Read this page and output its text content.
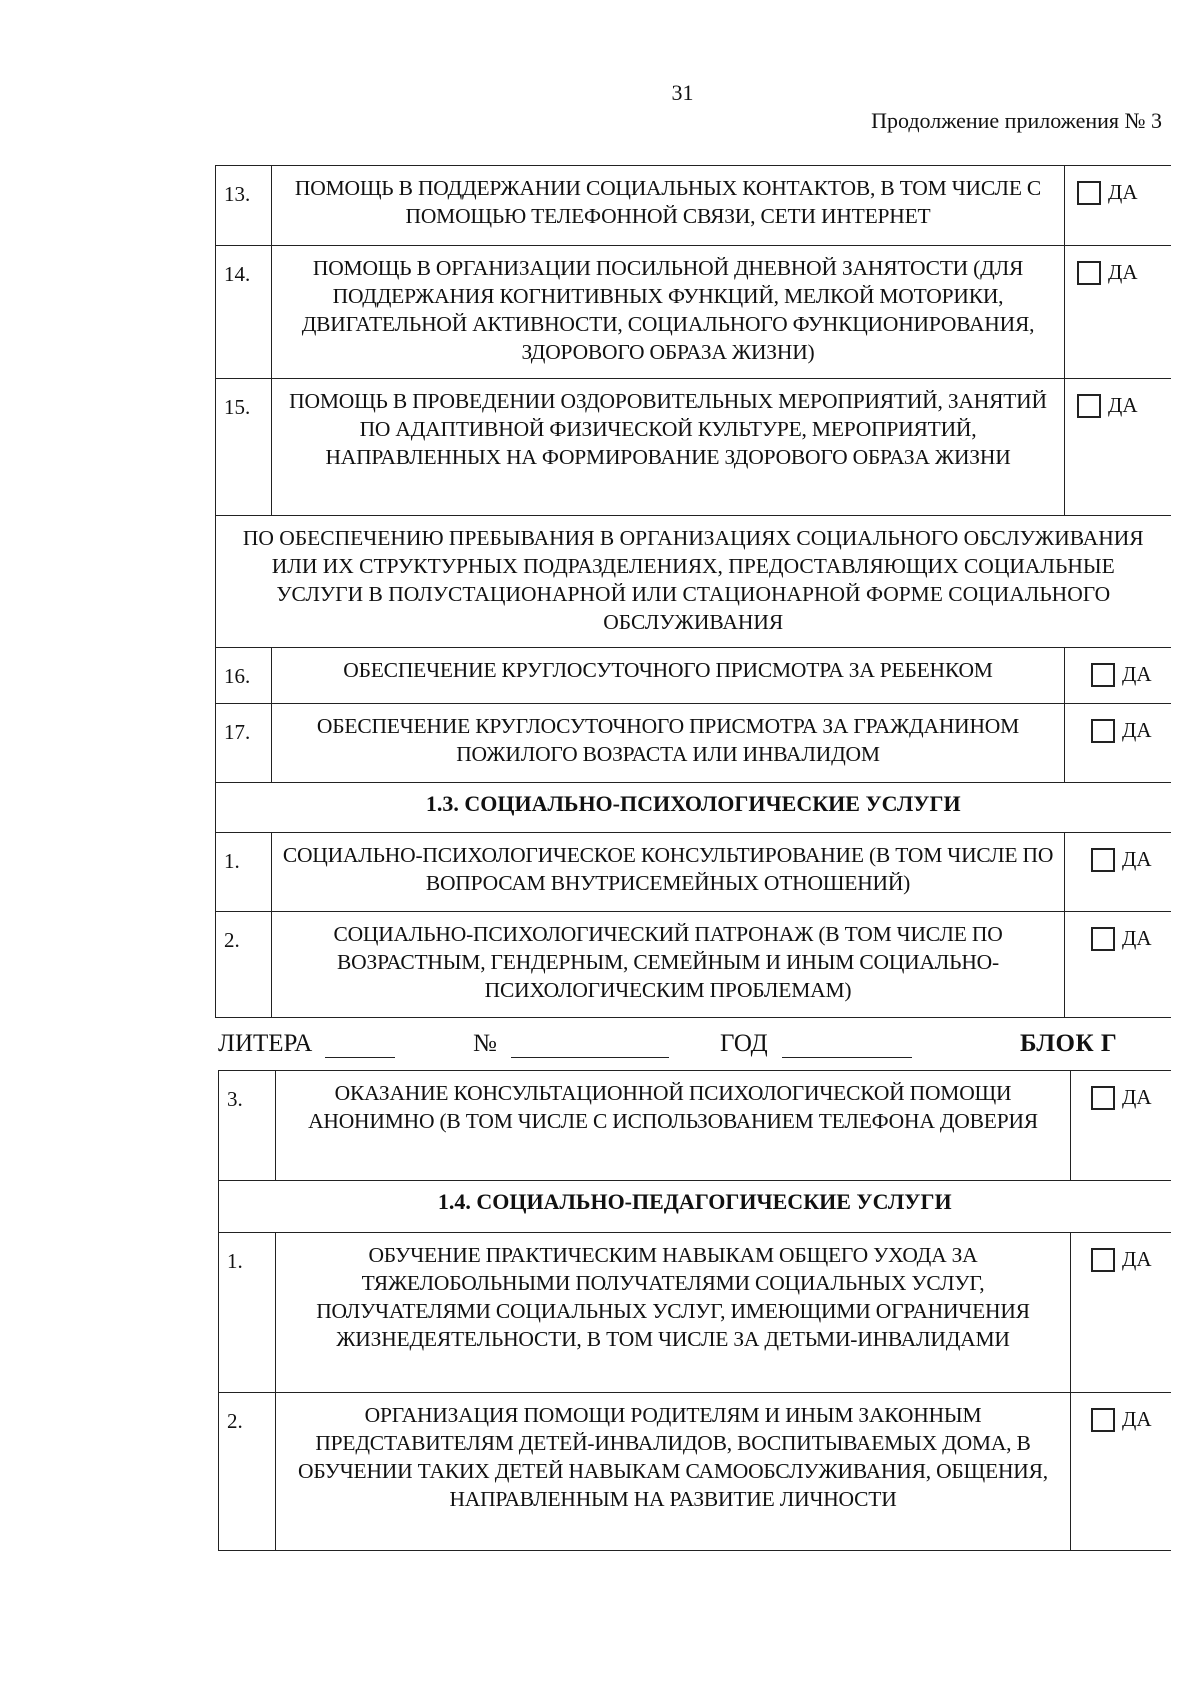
31
Продолжение приложения № 3
13.	ПОМОЩЬ В ПОДДЕРЖАНИИ СОЦИАЛЬНЫХ КОНТАКТОВ, В ТОМ ЧИСЛЕ С ПОМОЩЬЮ ТЕЛЕФОННОЙ СВЯЗИ, СЕТИ ИНТЕРНЕТ	ДА

14.	ПОМОЩЬ В ОРГАНИЗАЦИИ ПОСИЛЬНОЙ ДНЕВНОЙ ЗАНЯТОСТИ (ДЛЯ ПОДДЕРЖАНИЯ КОГНИТИВНЫХ ФУНКЦИЙ, МЕЛКОЙ МОТОРИКИ, ДВИГАТЕЛЬНОЙ АКТИВНОСТИ, СОЦИАЛЬНОГО ФУНКЦИОНИРОВАНИЯ, ЗДОРОВОГО ОБРАЗА ЖИЗНИ)	ДА

15.	ПОМОЩЬ В ПРОВЕДЕНИИ ОЗДОРОВИТЕЛЬНЫХ МЕРОПРИЯТИЙ, ЗАНЯТИЙ ПО АДАПТИВНОЙ ФИЗИЧЕСКОЙ КУЛЬТУРЕ, МЕРОПРИЯТИЙ, НАПРАВЛЕННЫХ НА ФОРМИРОВАНИЕ ЗДОРОВОГО ОБРАЗА ЖИЗНИ	ДА

ПО ОБЕСПЕЧЕНИЮ ПРЕБЫВАНИЯ В ОРГАНИЗАЦИЯХ СОЦИАЛЬНОГО ОБСЛУЖИВАНИЯ ИЛИ ИХ СТРУКТУРНЫХ ПОДРАЗДЕЛЕНИЯХ, ПРЕДОСТАВЛЯЮЩИХ СОЦИАЛЬНЫЕ УСЛУГИ В ПОЛУСТАЦИОНАРНОЙ ИЛИ СТАЦИОНАРНОЙ ФОРМЕ СОЦИАЛЬНОГО ОБСЛУЖИВАНИЯ		
16.	ОБЕСПЕЧЕНИЕ КРУГЛОСУТОЧНОГО ПРИСМОТРА ЗА РЕБЕНКОМ	ДА

17.	ОБЕСПЕЧЕНИЕ КРУГЛОСУТОЧНОГО ПРИСМОТРА ЗА ГРАЖДАНИНОМ ПОЖИЛОГО ВОЗРАСТА ИЛИ ИНВАЛИДОМ	ДА

1.3. СОЦИАЛЬНО-ПСИХОЛОГИЧЕСКИЕ УСЛУГИ		
1.	СОЦИАЛЬНО-ПСИХОЛОГИЧЕСКОЕ КОНСУЛЬТИРОВАНИЕ (В ТОМ ЧИСЛЕ ПО ВОПРОСАМ ВНУТРИСЕМЕЙНЫХ ОТНОШЕНИЙ)	ДА

2.	СОЦИАЛЬНО-ПСИХОЛОГИЧЕСКИЙ ПАТРОНАЖ (В ТОМ ЧИСЛЕ ПО ВОЗРАСТНЫМ, ГЕНДЕРНЫМ, СЕМЕЙНЫМ И ИНЫМ СОЦИАЛЬНО-ПСИХОЛОГИЧЕСКИМ ПРОБЛЕМАМ)	ДА
ЛИТЕРА	№	ГОД	БЛОК Г
3.	ОКАЗАНИЕ КОНСУЛЬТАЦИОННОЙ ПСИХОЛОГИЧЕСКОЙ ПОМОЩИ АНОНИМНО (В ТОМ ЧИСЛЕ С ИСПОЛЬЗОВАНИЕМ ТЕЛЕФОНА ДОВЕРИЯ	ДА

1.4. СОЦИАЛЬНО-ПЕДАГОГИЧЕСКИЕ УСЛУГИ		
1.	ОБУЧЕНИЕ ПРАКТИЧЕСКИМ НАВЫКАМ ОБЩЕГО УХОДА ЗА ТЯЖЕЛОБОЛЬНЫМИ ПОЛУЧАТЕЛЯМИ СОЦИАЛЬНЫХ УСЛУГ, ПОЛУЧАТЕЛЯМИ СОЦИАЛЬНЫХ УСЛУГ, ИМЕЮЩИМИ ОГРАНИЧЕНИЯ ЖИЗНЕДЕЯТЕЛЬНОСТИ, В ТОМ ЧИСЛЕ ЗА ДЕТЬМИ-ИНВАЛИДАМИ	ДА

2.	ОРГАНИЗАЦИЯ ПОМОЩИ РОДИТЕЛЯМ И ИНЫМ ЗАКОННЫМ ПРЕДСТАВИТЕЛЯМ ДЕТЕЙ-ИНВАЛИДОВ, ВОСПИТЫВАЕМЫХ ДОМА, В ОБУЧЕНИИ ТАКИХ ДЕТЕЙ НАВЫКАМ САМООБСЛУЖИВАНИЯ, ОБЩЕНИЯ, НАПРАВЛЕННЫМ НА РАЗВИТИЕ ЛИЧНОСТИ	ДА
